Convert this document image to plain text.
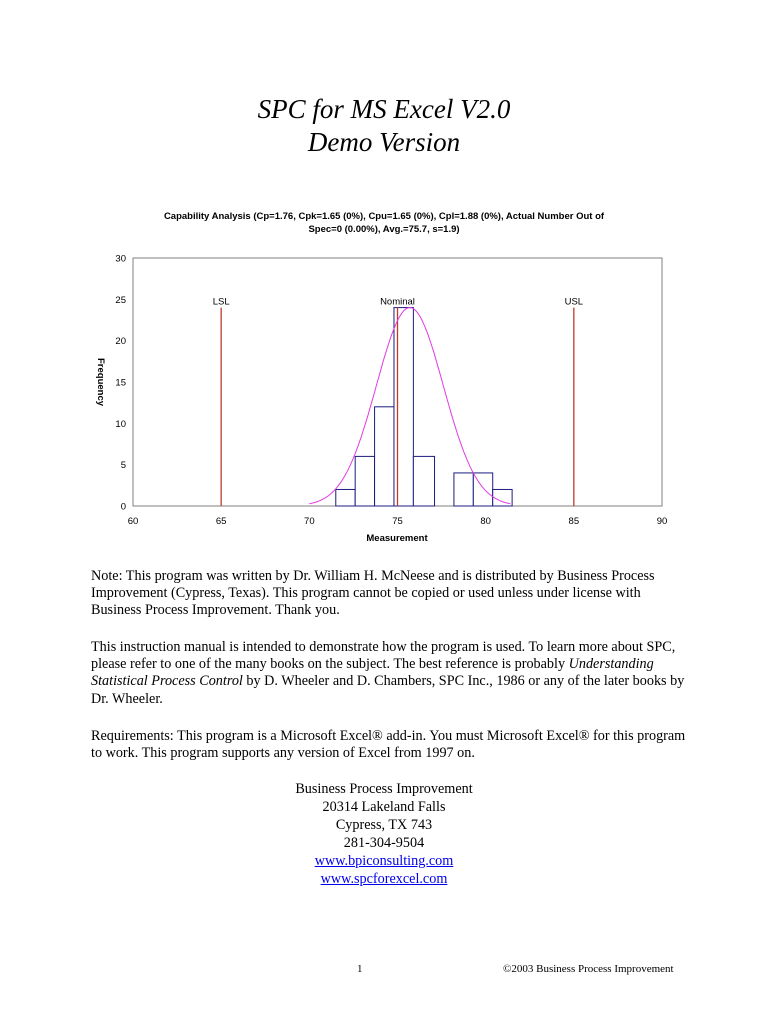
SPC for MS Excel V2.0
Demo Version
Capability Analysis (Cp=1.76, Cpk=1.65 (0%), Cpu=1.65 (0%), Cpl=1.88 (0%), Actual Number Out of
Spec=0 (0.00%), Avg.=75.7, s=1.9)
0
5
10
15
20
25
30
60	65	70	75	80	85	90
LSL	Nominal	USL
Measurement
Frequency

Note: This program was written by Dr. William H. McNeese and is distributed by Business Process Improvement (Cypress, Texas). This program cannot be copied or used unless under license with Business Process Improvement. Thank you.

This instruction manual is intended to demonstrate how the program is used. To learn more about SPC, please refer to one of the many books on the subject. The best reference is probably Understanding Statistical Process Control by D. Wheeler and D. Chambers, SPC Inc., 1986 or any of the later books by Dr. Wheeler.

Requirements: This program is a Microsoft Excel® add-in. You must Microsoft Excel® for this program to work. This program supports any version of Excel from 1997 on.

Business Process Improvement
20314 Lakeland Falls
Cypress, TX 743
281-304-9504
www.bpiconsulting.com
www.spcforexcel.com
1	©2003 Business Process Improvement
